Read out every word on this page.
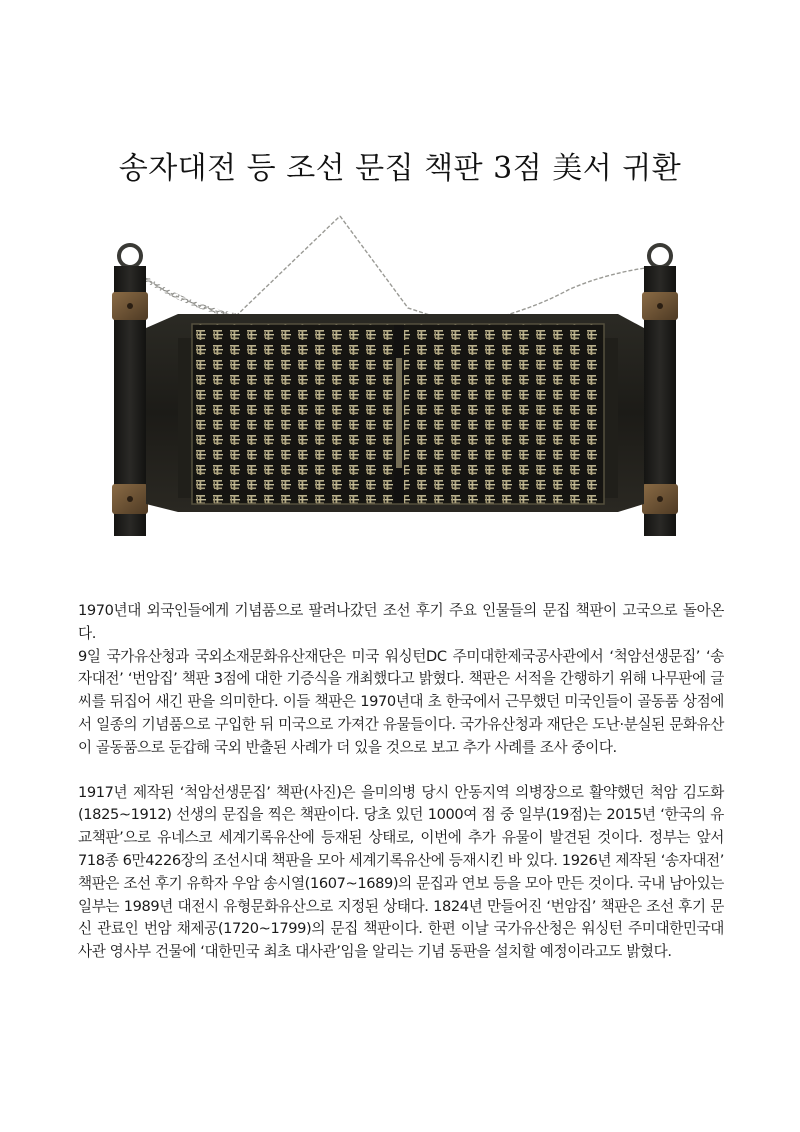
송자대전 등 조선 문집 책판 3점 美서 귀환

1970년대 외국인들에게 기념품으로 팔려나갔던 조선 후기 주요 인물들의 문집 책판이 고국으로 돌아온다.

9일 국가유산청과 국외소재문화유산재단은 미국 워싱턴DC 주미대한제국공사관에서 ‘척암선생문집’ ‘송자대전’ ‘번암집’ 책판 3점에 대한 기증식을 개최했다고 밝혔다. 책판은 서적을 간행하기 위해 나무판에 글씨를 뒤집어 새긴 판을 의미한다. 이들 책판은 1970년대 초 한국에서 근무했던 미국인들이 골동품 상점에서 일종의 기념품으로 구입한 뒤 미국으로 가져간 유물들이다. 국가유산청과 재단은 도난·분실된 문화유산이 골동품으로 둔갑해 국외 반출된 사례가 더 있을 것으로 보고 추가 사례를 조사 중이다.

1917년 제작된 ‘척암선생문집’ 책판(사진)은 을미의병 당시 안동지역 의병장으로 활약했던 척암 김도화(1825~1912) 선생의 문집을 찍은 책판이다. 당초 있던 1000여 점 중 일부(19점)는 2015년 ‘한국의 유교책판’으로 유네스코 세계기록유산에 등재된 상태로, 이번에 추가 유물이 발견된 것이다. 정부는 앞서 718종 6만4226장의 조선시대 책판을 모아 세계기록유산에 등재시킨 바 있다. 1926년 제작된 ‘송자대전’ 책판은 조선 후기 유학자 우암 송시열(1607~1689)의 문집과 연보 등을 모아 만든 것이다. 국내 남아있는 일부는 1989년 대전시 유형문화유산으로 지정된 상태다. 1824년 만들어진 ‘번암집’ 책판은 조선 후기 문신 관료인 번암 채제공(1720~1799)의 문집 책판이다. 한편 이날 국가유산청은 워싱턴 주미대한민국대사관 영사부 건물에 ‘대한민국 최초 대사관’임을 알리는 기념 동판을 설치할 예정이라고도 밝혔다.
